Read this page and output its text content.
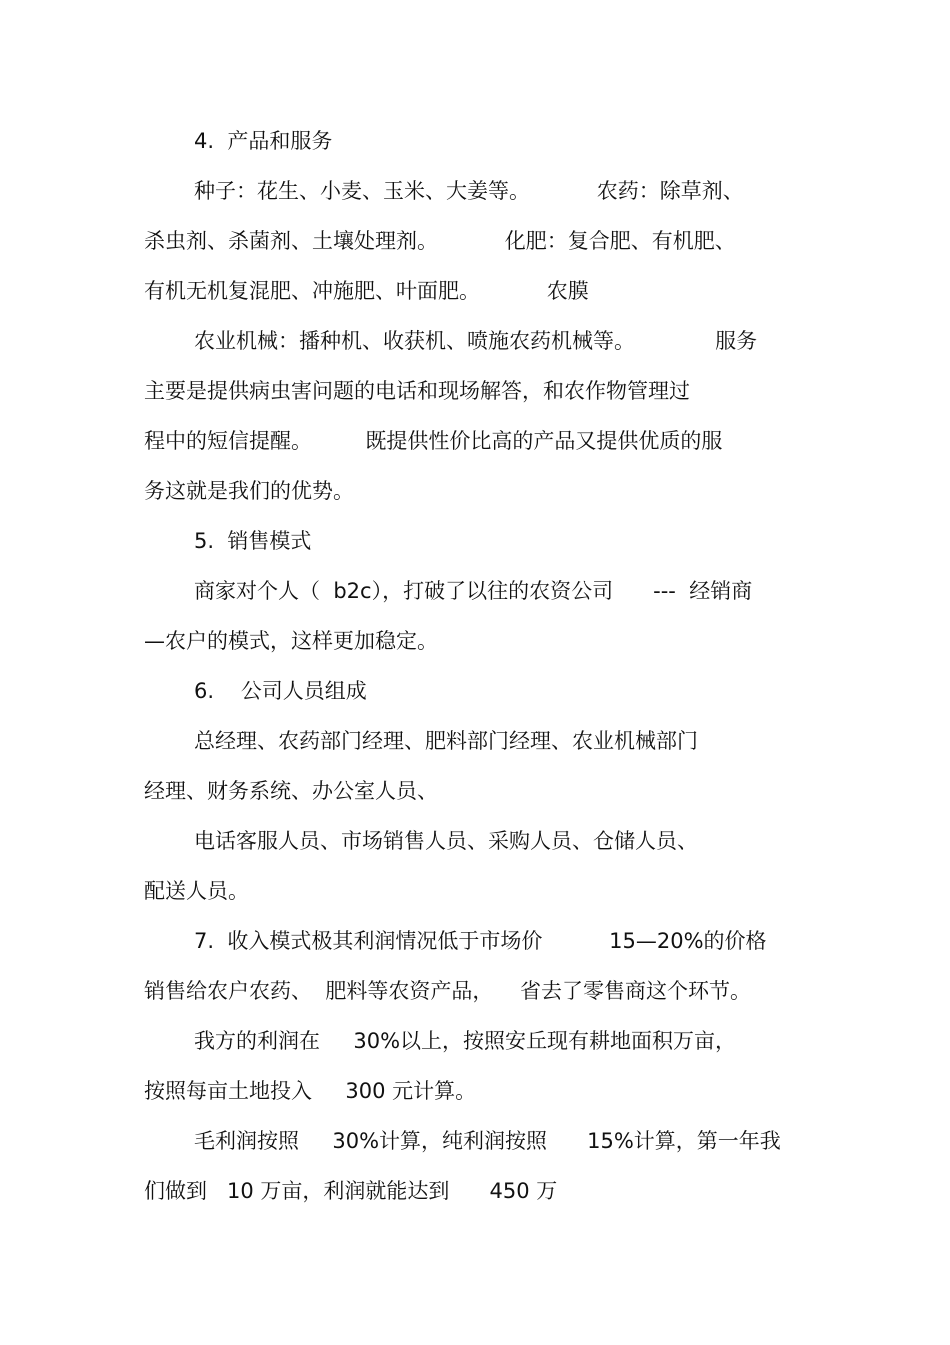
4.  产品和服务
种子：花生、小麦、玉米、大姜等。          农药：除草剂、
杀虫剂、杀菌剂、土壤处理剂。          化肥：复合肥、有机肥、
有机无机复混肥、冲施肥、叶面肥。          农膜
农业机械：播种机、收获机、喷施农药机械等。            服务
主要是提供病虫害问题的电话和现场解答，和农作物管理过
程中的短信提醒。        既提供性价比高的产品又提供优质的服
务这就是我们的优势。
5.  销售模式
商家对个人（  b2c），打破了以往的农资公司      ---  经销商
—农户的模式，这样更加稳定。
6.    公司人员组成
总经理、农药部门经理、肥料部门经理、农业机械部门
经理、财务系统、办公室人员、
电话客服人员、市场销售人员、采购人员、仓储人员、
配送人员。
7.  收入模式极其利润情况低于市场价          15—20%的价格
销售给农户农药、  肥料等农资产品，    省去了零售商这个环节。
我方的利润在     30%以上，按照安丘现有耕地面积万亩，
按照每亩土地投入     300 元计算。
毛利润按照     30%计算，纯利润按照      15%计算，第一年我
们做到   10 万亩，利润就能达到      450 万
